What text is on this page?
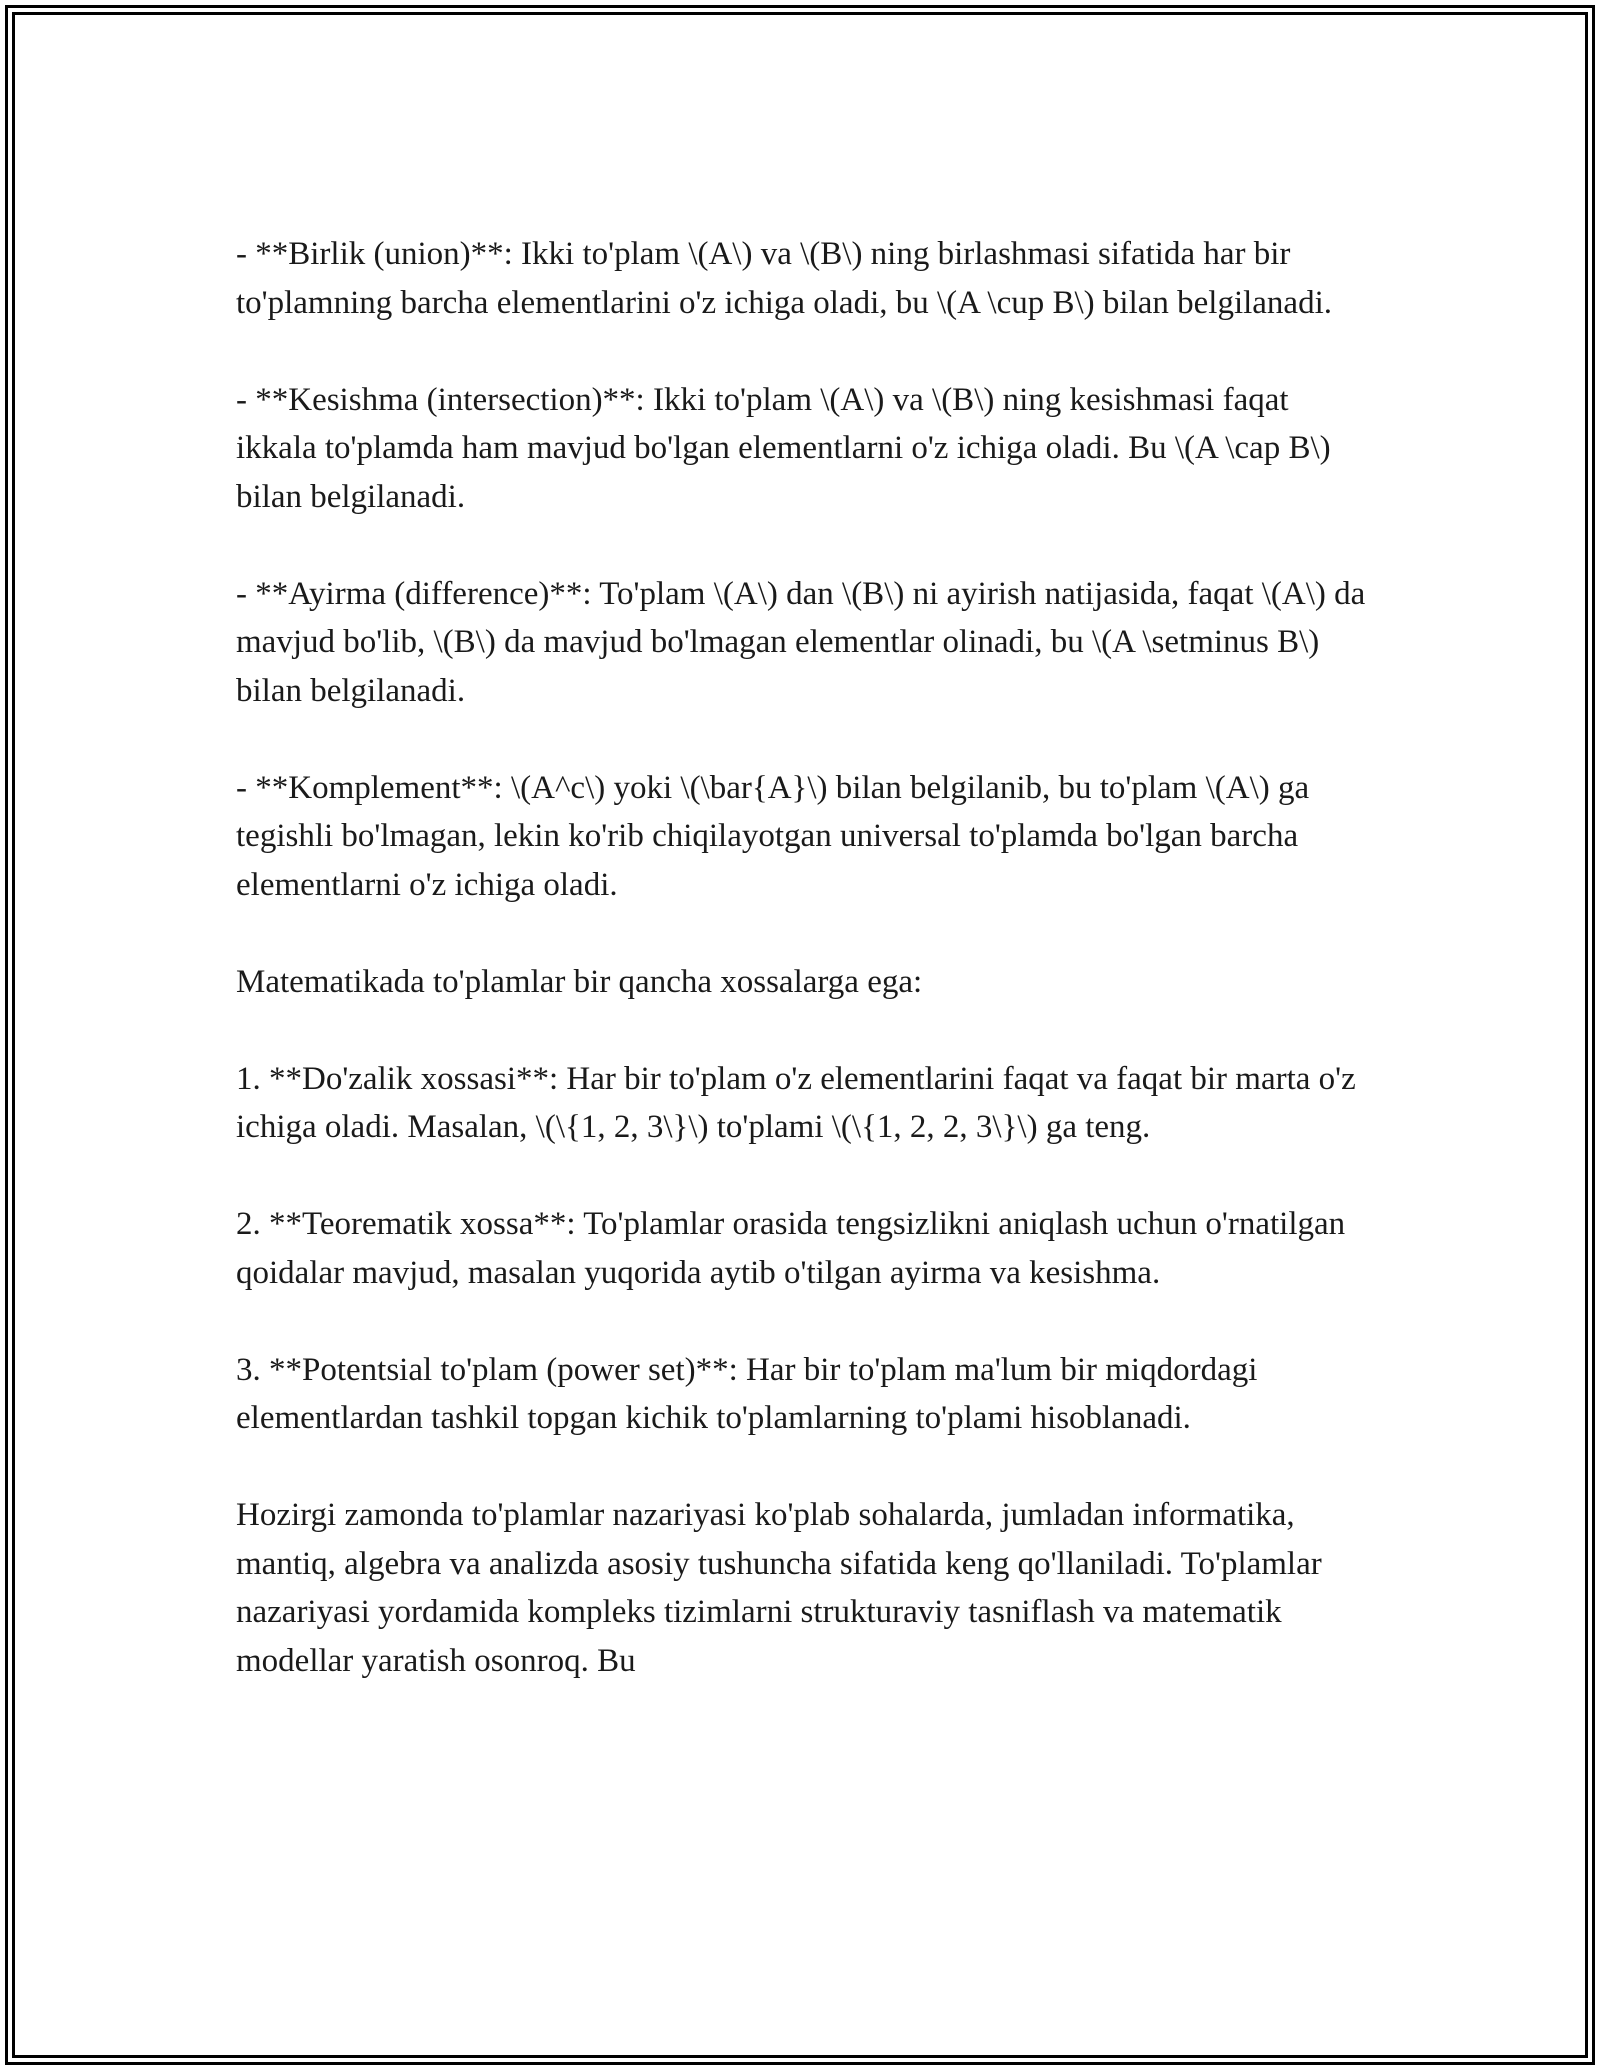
- **Birlik (union)**: Ikki to'plam \(A\) va \(B\) ning birlashmasi sifatida har bir to'plamning barcha elementlarini o'z ichiga oladi, bu \(A \cup B\) bilan belgilanadi.

- **Kesishma (intersection)**: Ikki to'plam \(A\) va \(B\) ning kesishmasi faqat ikkala to'plamda ham mavjud bo'lgan elementlarni o'z ichiga oladi. Bu \(A \cap B\) bilan belgilanadi.

- **Ayirma (difference)**: To'plam \(A\) dan \(B\) ni ayirish natijasida, faqat \(A\) da mavjud bo'lib, \(B\) da mavjud bo'lmagan elementlar olinadi, bu \(A \setminus B\) bilan belgilanadi.

- **Komplement**: \(A^c\) yoki \(\bar{A}\) bilan belgilanib, bu to'plam \(A\) ga tegishli bo'lmagan, lekin ko'rib chiqilayotgan universal to'plamda bo'lgan barcha elementlarni o'z ichiga oladi.

Matematikada to'plamlar bir qancha xossalarga ega:

1. **Do'zalik xossasi**: Har bir to'plam o'z elementlarini faqat va faqat bir marta o'z ichiga oladi. Masalan, \(\{1, 2, 3\}\) to'plami \(\{1, 2, 2, 3\}\) ga teng.

2. **Teorematik xossa**: To'plamlar orasida tengsizlikni aniqlash uchun o'rnatilgan qoidalar mavjud, masalan yuqorida aytib o'tilgan ayirma va kesishma.

3. **Potentsial to'plam (power set)**: Har bir to'plam ma'lum bir miqdordagi elementlardan tashkil topgan kichik to'plamlarning to'plami hisoblanadi.

Hozirgi zamonda to'plamlar nazariyasi ko'plab sohalarda, jumladan informatika, mantiq, algebra va analizda asosiy tushuncha sifatida keng qo'llaniladi. To'plamlar nazariyasi yordamida kompleks tizimlarni strukturaviy tasniflash va matematik modellar yaratish osonroq. Bu
